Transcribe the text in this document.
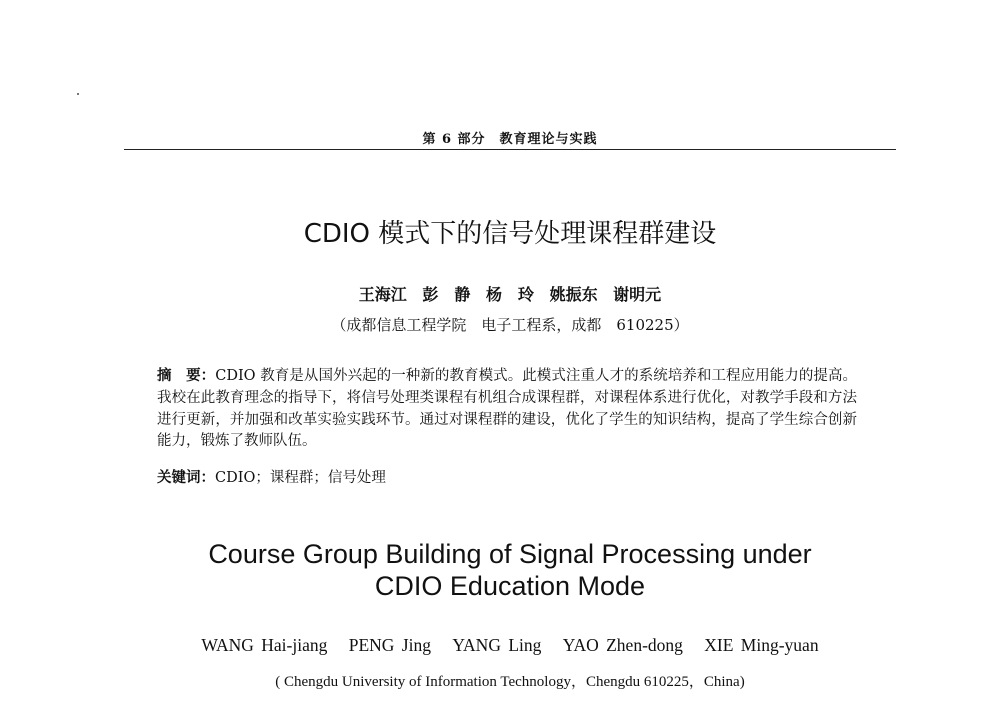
第 6 部分　教育理论与实践
CDIO 模式下的信号处理课程群建设
王海江 彭　静 杨　玲 姚振东 谢明元
（成都信息工程学院　电子工程系，成都　610225）
摘　要：CDIO 教育是从国外兴起的一种新的教育模式。此模式注重人才的系统培养和工程应用能力的提高。我校在此教育理念的指导下，将信号处理类课程有机组合成课程群，对课程体系进行优化，对教学手段和方法进行更新，并加强和改革实验实践环节。通过对课程群的建设，优化了学生的知识结构，提高了学生综合创新能力，锻炼了教师队伍。
关键词：CDIO；课程群；信号处理
Course Group Building of Signal Processing under
CDIO Education Mode
WANG Hai-jiang PENG Jing YANG Ling YAO Zhen-dong XIE Ming-yuan
( Chengdu University of Information Technology，Chengdu 610225，China)
